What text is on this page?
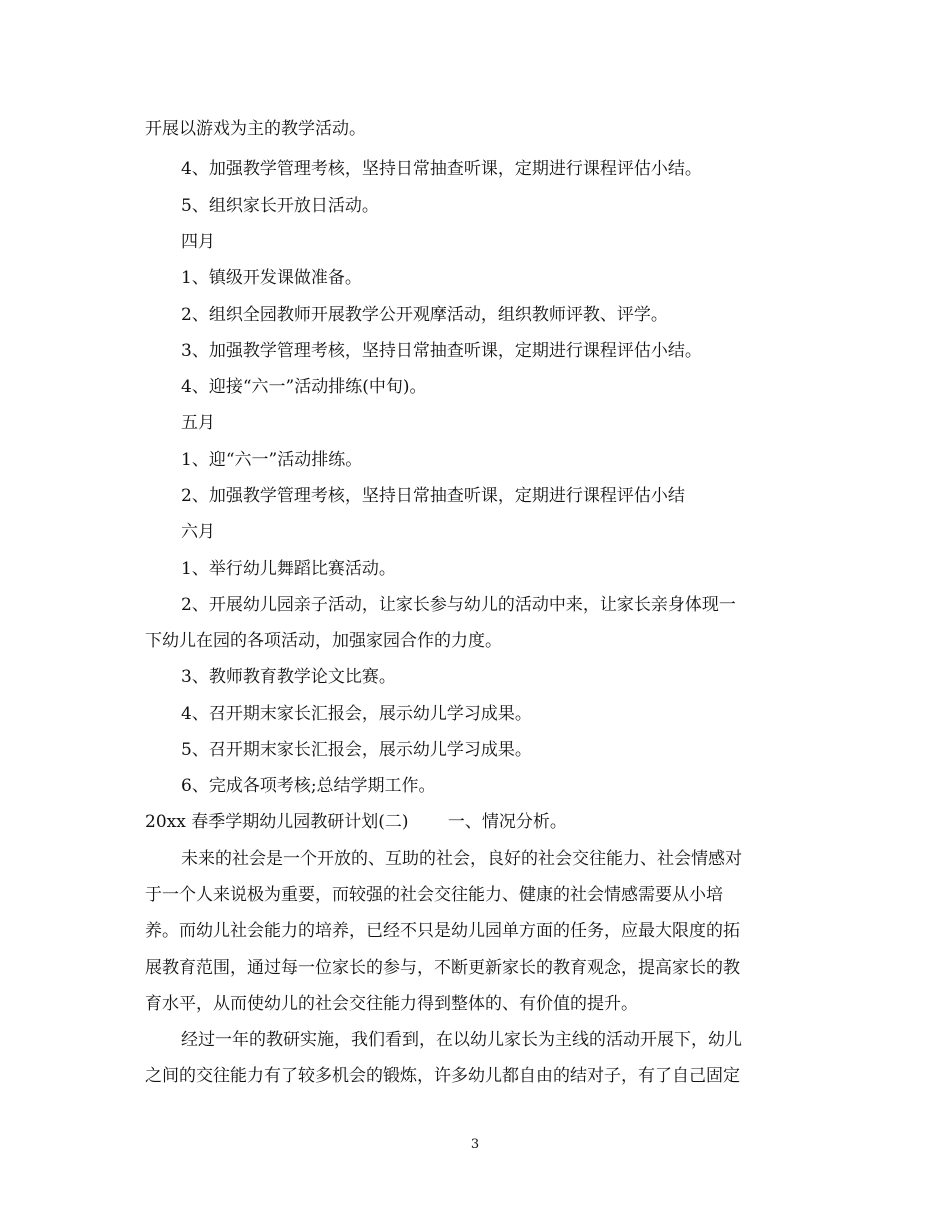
开展以游戏为主的教学活动。
4、加强教学管理考核，坚持日常抽查听课，定期进行课程评估小结。
5、组织家长开放日活动。
四月
1、镇级开发课做准备。
2、组织全园教师开展教学公开观摩活动，组织教师评教、评学。
3、加强教学管理考核，坚持日常抽查听课，定期进行课程评估小结。
4、迎接“六一”活动排练(中旬)。
五月
1、迎“六一”活动排练。
2、加强教学管理考核，坚持日常抽查听课，定期进行课程评估小结
六月
1、举行幼儿舞蹈比赛活动。
2、开展幼儿园亲子活动，让家长参与幼儿的活动中来，让家长亲身体现一
下幼儿在园的各项活动，加强家园合作的力度。
3、教师教育教学论文比赛。
4、召开期末家长汇报会，展示幼儿学习成果。
5、召开期末家长汇报会，展示幼儿学习成果。
6、完成各项考核;总结学期工作。
20xx 春季学期幼儿园教研计划(二)　　 一、情况分析。
未来的社会是一个开放的、互助的社会，良好的社会交往能力、社会情感对
于一个人来说极为重要，而较强的社会交往能力、健康的社会情感需要从小培
养。而幼儿社会能力的培养，已经不只是幼儿园单方面的任务，应最大限度的拓
展教育范围，通过每一位家长的参与，不断更新家长的教育观念，提高家长的教
育水平，从而使幼儿的社会交往能力得到整体的、有价值的提升。
经过一年的教研实施，我们看到，在以幼儿家长为主线的活动开展下，幼儿
之间的交往能力有了较多机会的锻炼，许多幼儿都自由的结对子，有了自己固定
3
